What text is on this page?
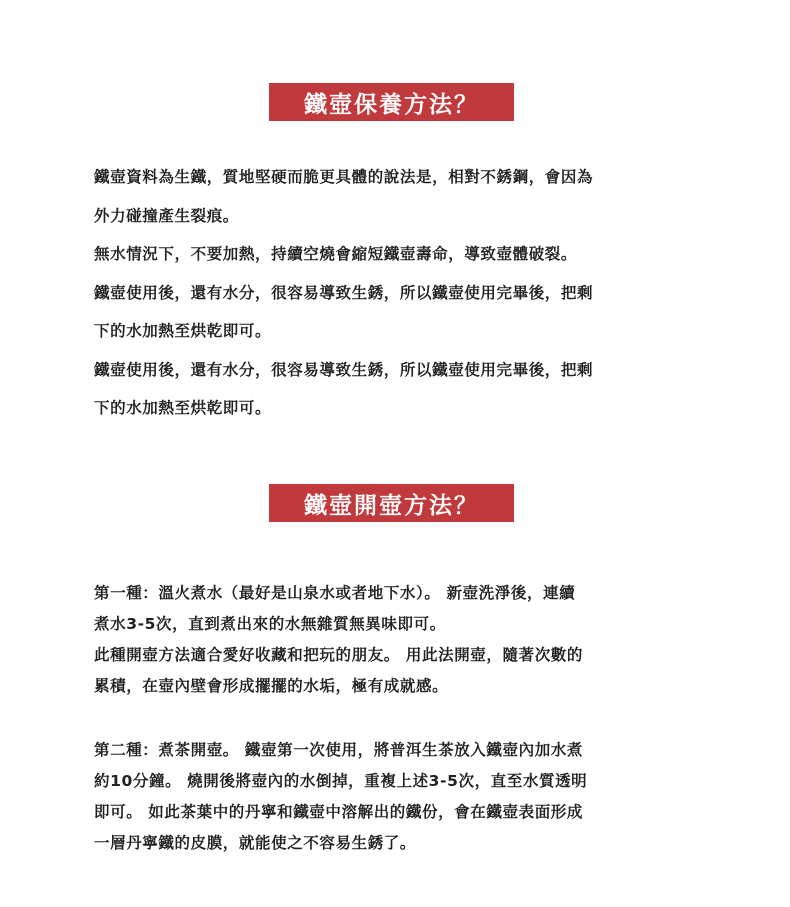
鐵壺保養方法？

鐵壺資料為生鐵，質地堅硬而脆更具體的說法是，相對不銹鋼，會因為
外力碰撞產生裂痕。
無水情況下，不要加熱，持續空燒會縮短鐵壺壽命，導致壺體破裂。
鐵壺使用後，還有水分，很容易導致生銹，所以鐵壺使用完畢後，把剩
下的水加熱至烘乾即可。
鐵壺使用後，還有水分，很容易導致生銹，所以鐵壺使用完畢後，把剩
下的水加熱至烘乾即可。

鐵壺開壺方法？

第一種：溫火煮水（最好是山泉水或者地下水）。 新壺洗淨後，連續
煮水3-5次，直到煮出來的水無雜質無異味即可。
此種開壺方法適合愛好收藏和把玩的朋友。 用此法開壺，隨著次數的
累積，在壺內壁會形成擺擺的水垢，極有成就感。

第二種：煮茶開壺。 鐵壺第一次使用，將普洱生茶放入鐵壺內加水煮
約10分鐘。 燒開後將壺內的水倒掉，重複上述3-5次，直至水質透明
即可。 如此茶葉中的丹寧和鐵壺中溶解出的鐵份，會在鐵壺表面形成
一層丹寧鐵的皮膜，就能使之不容易生銹了。
